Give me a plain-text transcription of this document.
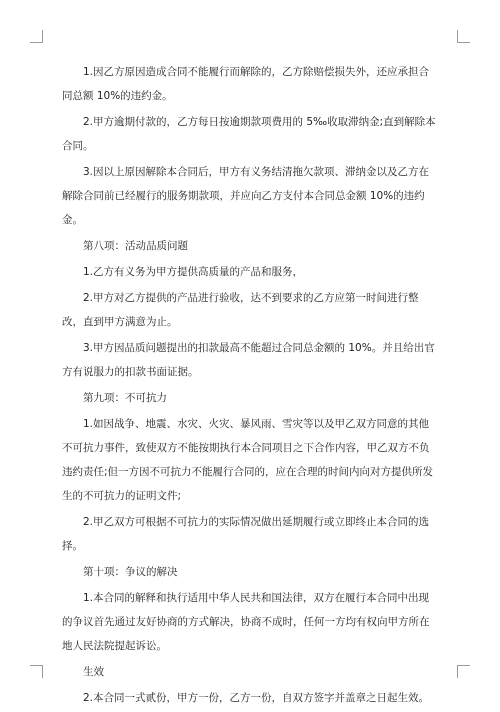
1.因乙方原因造成合同不能履行而解除的，乙方除赔偿损失外，还应承担合同总额 10%的违约金。

2.甲方逾期付款的，乙方每日按逾期款项费用的 5‰收取滞纳金;直到解除本合同。

3.因以上原因解除本合同后，甲方有义务结清拖欠款项、滞纳金以及乙方在解除合同前已经履行的服务期款项，并应向乙方支付本合同总金额 10%的违约金。

第八项：活动品质问题

1.乙方有义务为甲方提供高质量的产品和服务，

2.甲方对乙方提供的产品进行验收，达不到要求的乙方应第一时间进行整改，直到甲方满意为止。

3.甲方因品质问题提出的扣款最高不能超过合同总金额的 10%。并且给出官方有说服力的扣款书面证据。

第九项：不可抗力

1.如因战争、地震、水灾、火灾、暴风雨、雪灾等以及甲乙双方同意的其他不可抗力事件，致使双方不能按期执行本合同项目之下合作内容，甲乙双方不负违约责任;但一方因不可抗力不能履行合同的，应在合理的时间内向对方提供所发生的不可抗力的证明文件;

2.甲乙双方可根据不可抗力的实际情况做出延期履行或立即终止本合同的选择。

第十项：争议的解决

1.本合同的解释和执行适用中华人民共和国法律，双方在履行本合同中出现的争议首先通过友好协商的方式解决，协商不成时，任何一方均有权向甲方所在地人民法院提起诉讼。

生效

2.本合同一式贰份，甲方一份，乙方一份，自双方签字并盖章之日起生效。
